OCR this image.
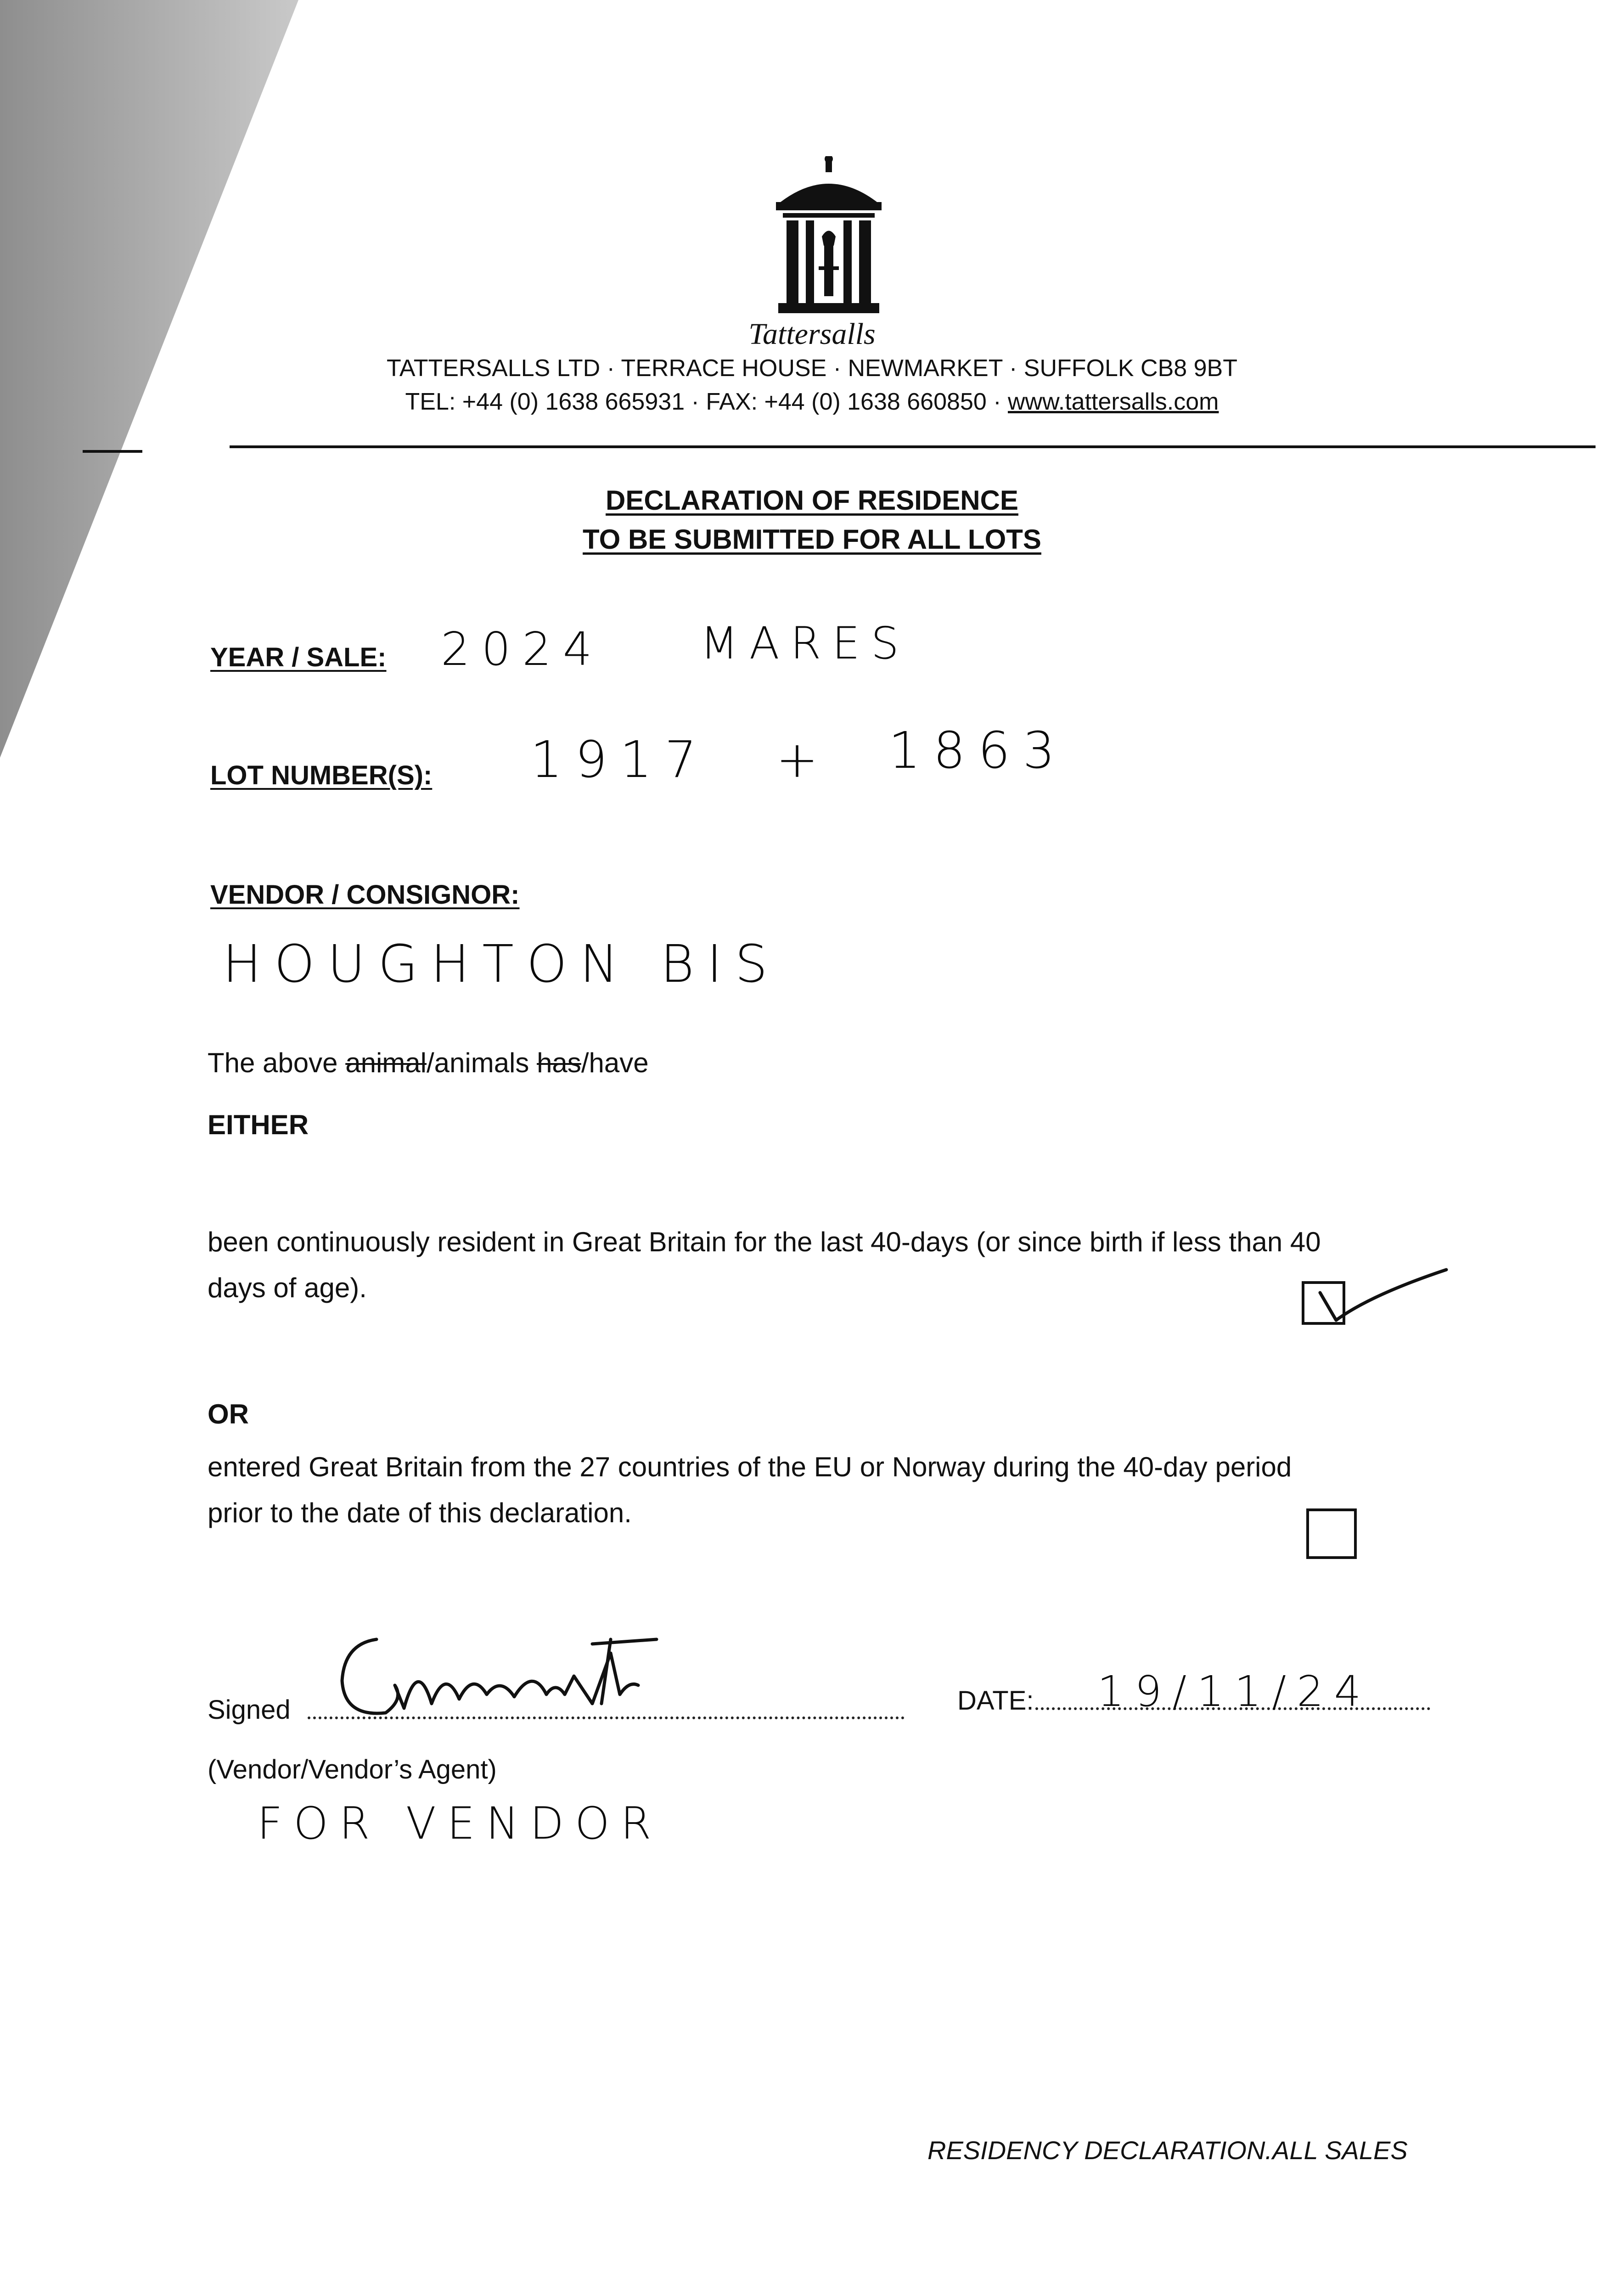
Tattersalls
TATTERSALLS LTD · TERRACE HOUSE · NEWMARKET · SUFFOLK CB8 9BT
TEL: +44 (0) 1638 665931 · FAX: +44 (0) 1638 660850 · www.tattersalls.com
DECLARATION OF RESIDENCE
TO BE SUBMITTED FOR ALL LOTS
YEAR / SALE: 2024 MARES
LOT NUMBER(S): 1917 + 1863
VENDOR / CONSIGNOR:
HOUGHTON BIS
The above animal/animals has/have
EITHER
been continuously resident in Great Britain for the last 40-days (or since birth if less than 40
days of age).
OR
entered Great Britain from the 27 countries of the EU or Norway during the 40-day period
prior to the date of this declaration.
Signed	DATE: 19/11/24
(Vendor/Vendor’s Agent)
FOR VENDOR
RESIDENCY DECLARATION.ALL SALES
